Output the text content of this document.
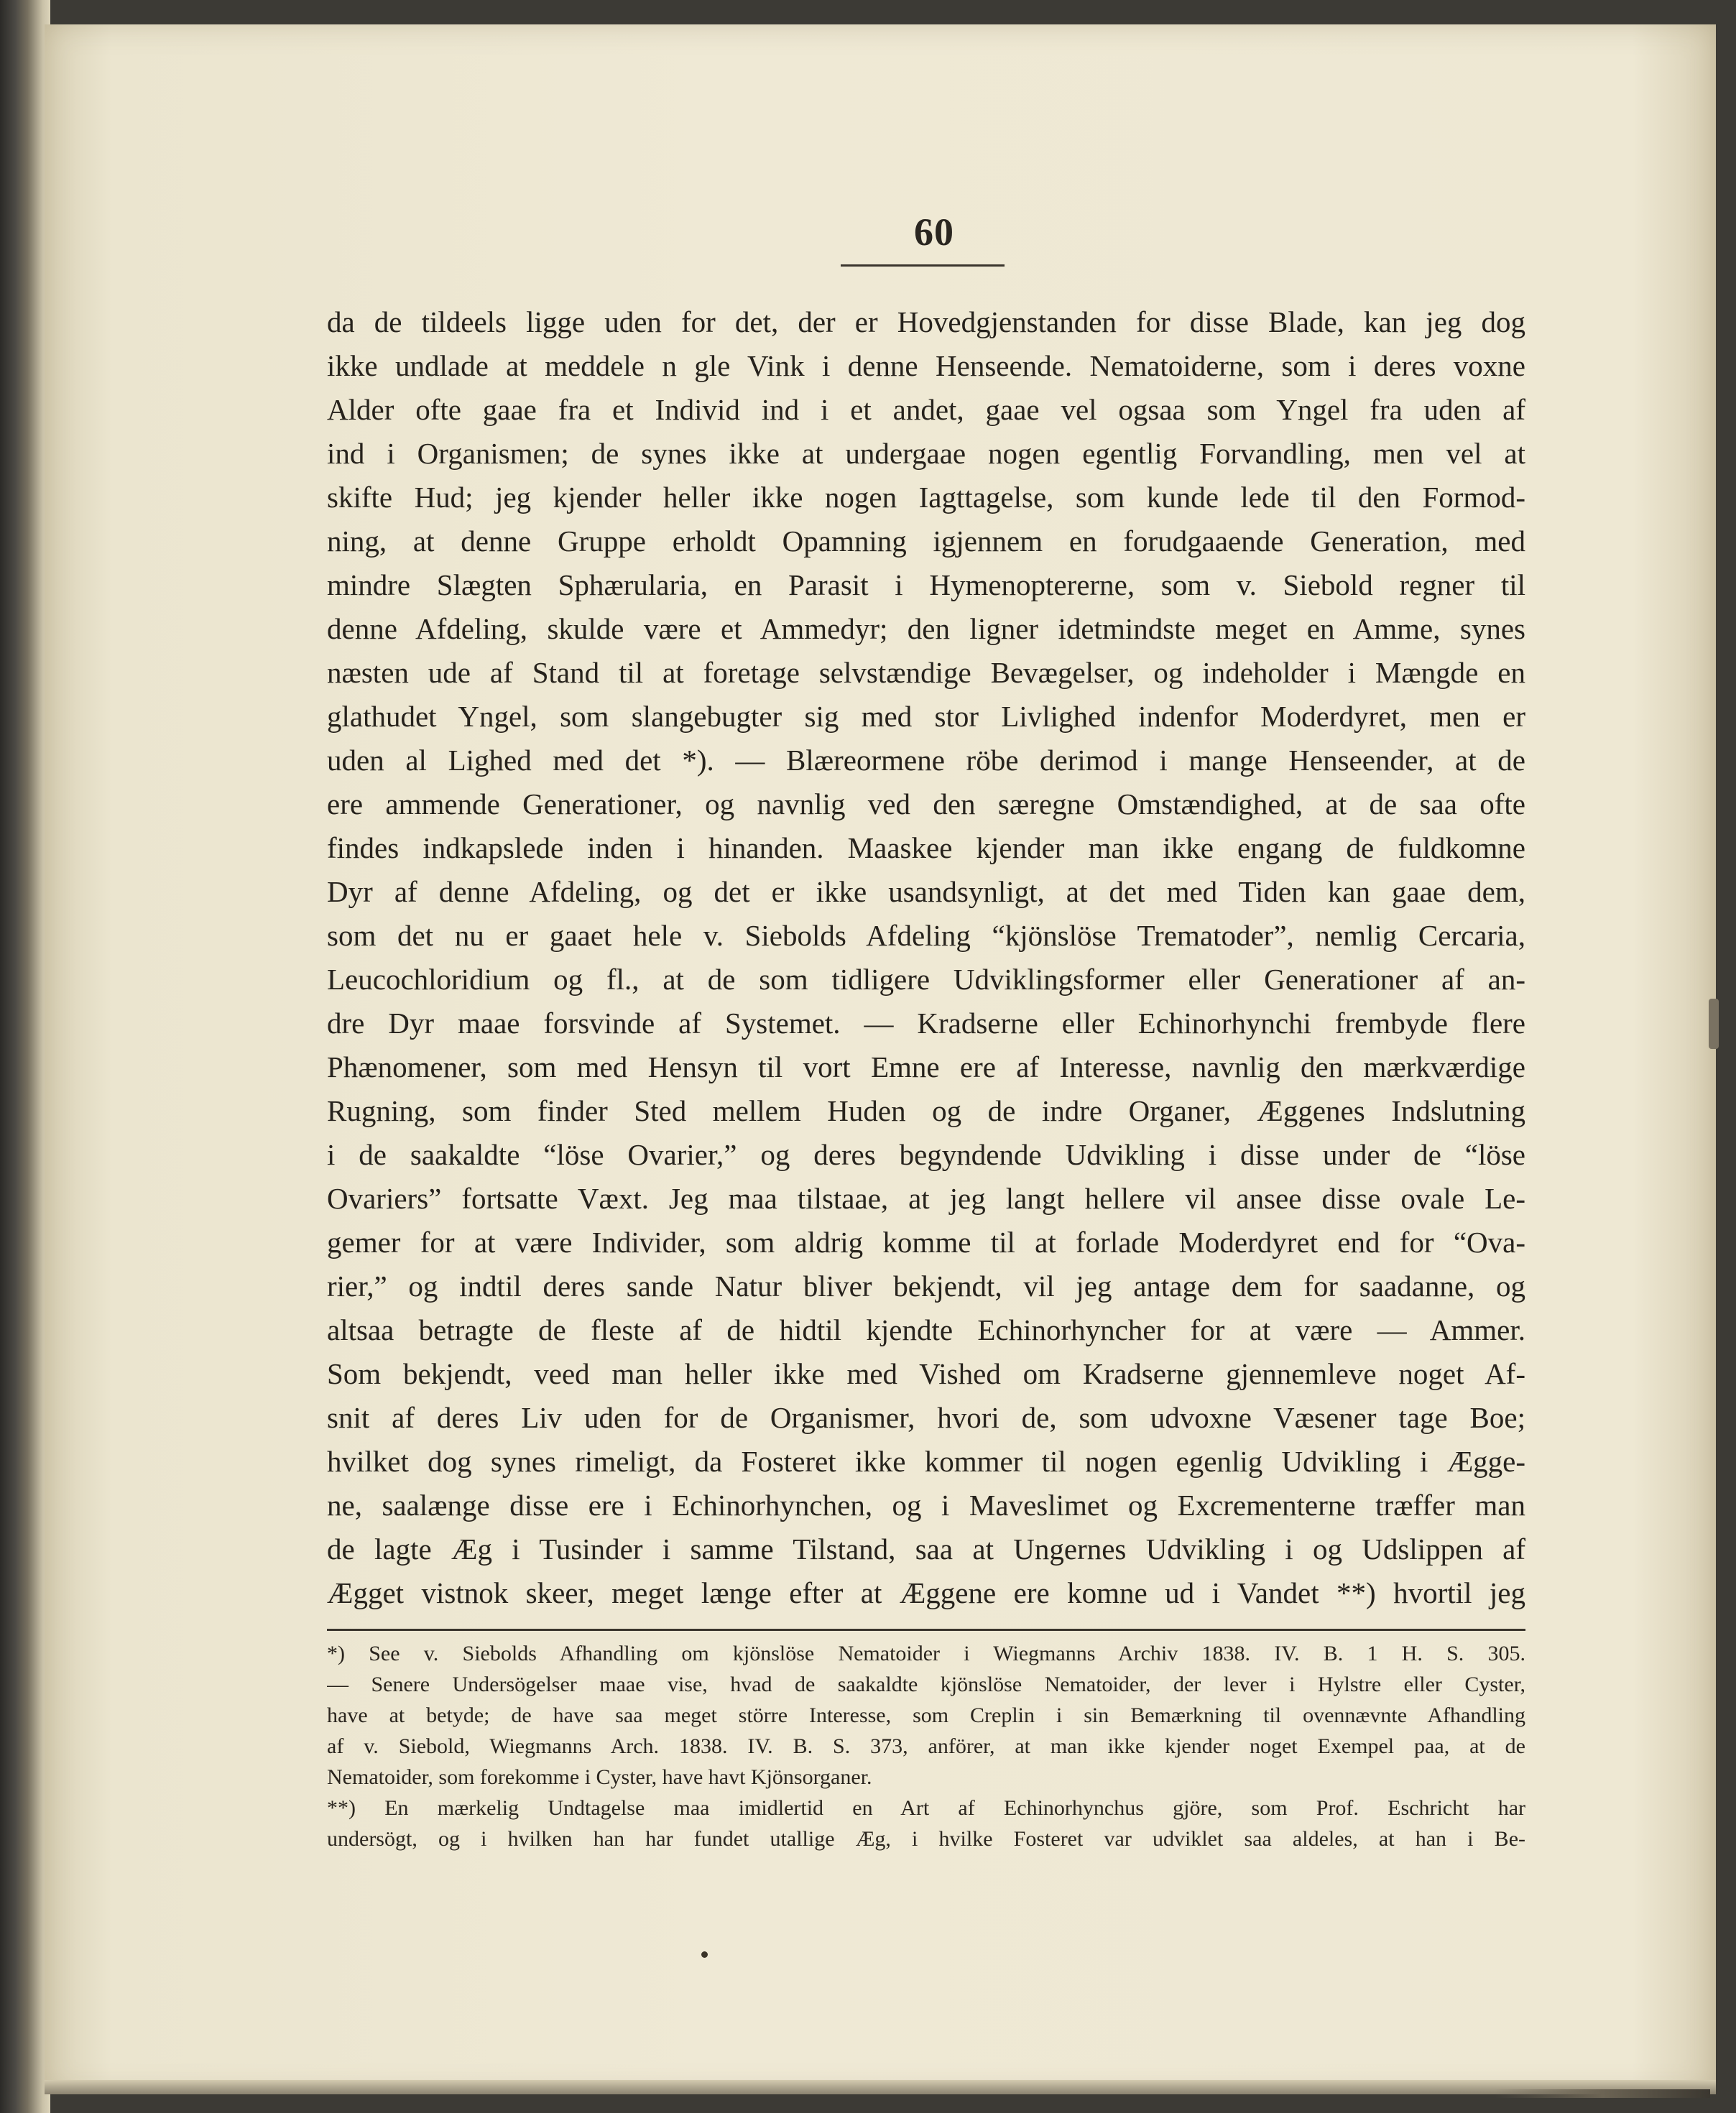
60
da de tildeels ligge uden for det, der er Hovedgjenstanden for disse Blade, kan jeg dog
ikke undlade at meddele n gle Vink i denne Henseende. Nematoiderne, som i deres voxne
Alder ofte gaae fra et Individ ind i et andet, gaae vel ogsaa som Yngel fra uden af
ind i Organismen; de synes ikke at undergaae nogen egentlig Forvandling, men vel at
skifte Hud; jeg kjender heller ikke nogen Iagttagelse, som kunde lede til den Formod-
ning, at denne Gruppe erholdt Opamning igjennem en forudgaaende Generation, med
mindre Slægten Sphærularia, en Parasit i Hymenoptererne, som v. Siebold regner til
denne Afdeling, skulde være et Ammedyr; den ligner idetmindste meget en Amme, synes
næsten ude af Stand til at foretage selvstændige Bevægelser, og indeholder i Mængde en
glathudet Yngel, som slangebugter sig med stor Livlighed indenfor Moderdyret, men er
uden al Lighed med det *). — Blæreormene röbe derimod i mange Henseender, at de
ere ammende Generationer, og navnlig ved den særegne Omstændighed, at de saa ofte
findes indkapslede inden i hinanden. Maaskee kjender man ikke engang de fuldkomne
Dyr af denne Afdeling, og det er ikke usandsynligt, at det med Tiden kan gaae dem,
som det nu er gaaet hele v. Siebolds Afdeling “kjönslöse Trematoder”, nemlig Cercaria,
Leucochloridium og fl., at de som tidligere Udviklingsformer eller Generationer af an-
dre Dyr maae forsvinde af Systemet. — Kradserne eller Echinorhynchi frembyde flere
Phænomener, som med Hensyn til vort Emne ere af Interesse, navnlig den mærkværdige
Rugning, som finder Sted mellem Huden og de indre Organer, Æggenes Indslutning
i de saakaldte “löse Ovarier,” og deres begyndende Udvikling i disse under de “löse
Ovariers” fortsatte Væxt. Jeg maa tilstaae, at jeg langt hellere vil ansee disse ovale Le-
gemer for at være Individer, som aldrig komme til at forlade Moderdyret end for “Ova-
rier,” og indtil deres sande Natur bliver bekjendt, vil jeg antage dem for saadanne, og
altsaa betragte de fleste af de hidtil kjendte Echinorhyncher for at være — Ammer.
Som bekjendt, veed man heller ikke med Vished om Kradserne gjennemleve noget Af-
snit af deres Liv uden for de Organismer, hvori de, som udvoxne Væsener tage Boe;
hvilket dog synes rimeligt, da Fosteret ikke kommer til nogen egenlig Udvikling i Ægge-
ne, saalænge disse ere i Echinorhynchen, og i Maveslimet og Excrementerne træffer man
de lagte Æg i Tusinder i samme Tilstand, saa at Ungernes Udvikling i og Udslippen af
Ægget vistnok skeer, meget længe efter at Æggene ere komne ud i Vandet **) hvortil jeg
*) See v. Siebolds Afhandling om kjönslöse Nematoider i Wiegmanns Archiv 1838. IV. B. 1 H. S. 305.
— Senere Undersögelser maae vise, hvad de saakaldte kjönslöse Nematoider, der lever i Hylstre eller Cyster,
have at betyde; de have saa meget större Interesse, som Creplin i sin Bemærkning til ovennævnte Afhandling
af v. Siebold, Wiegmanns Arch. 1838. IV. B. S. 373, anförer, at man ikke kjender noget Exempel paa, at de
Nematoider, som forekomme i Cyster, have havt Kjönsorganer.
**) En mærkelig Undtagelse maa imidlertid en Art af Echinorhynchus gjöre, som Prof. Eschricht har
undersögt, og i hvilken han har fundet utallige Æg, i hvilke Fosteret var udviklet saa aldeles, at han i Be-
